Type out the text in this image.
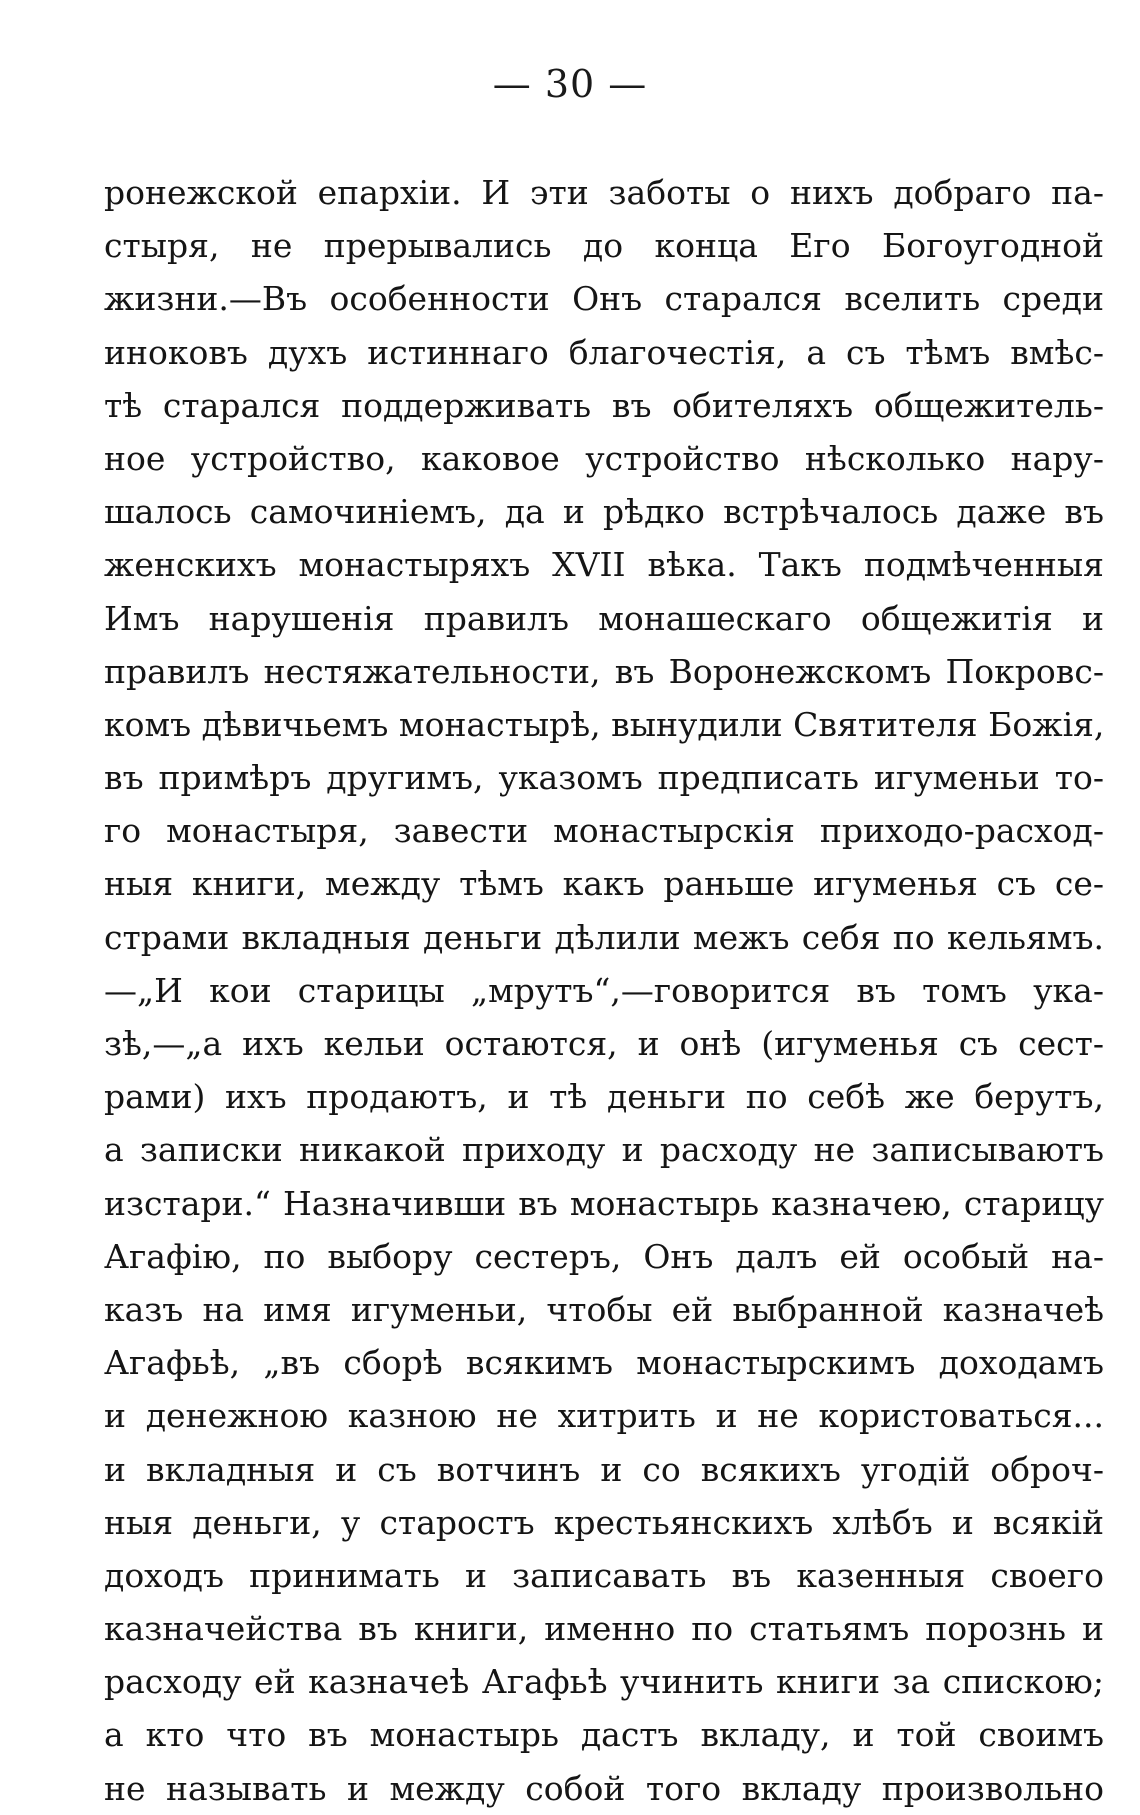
— 30 —
ронежской епархіи. И эти заботы о нихъ добраго па-
стыря, не прерывались до конца Его Богоугодной
жизни.—Въ особенности Онъ старался вселить среди
иноковъ духъ истиннаго благочестія, а съ тѣмъ вмѣс-
тѣ старался поддерживать въ обителяхъ общежитель-
ное устройство, каковое устройство нѣсколько нару-
шалось самочиніемъ, да и рѣдко встрѣчалось даже въ
женскихъ монастыряхъ XVII вѣка. Такъ подмѣченныя
Имъ нарушенія правилъ монашескаго общежитія и
правилъ нестяжательности, въ Воронежскомъ Покровс-
комъ дѣвичьемъ монастырѣ, вынудили Святителя Божія,
въ примѣръ другимъ, указомъ предписать игуменьи то-
го монастыря, завести монастырскія приходо-расход-
ныя книги, между тѣмъ какъ раньше игуменья съ се-
страми вкладныя деньги дѣлили межъ себя по кельямъ.
—„И кои старицы „мрутъ“,—говорится въ томъ ука-
зѣ,—„а ихъ кельи остаются, и онѣ (игуменья съ сест-
рами) ихъ продаютъ, и тѣ деньги по себѣ же берутъ,
а записки никакой приходу и расходу не записываютъ
изстари.“ Назначивши въ монастырь казначею, старицу
Агафію, по выбору сестеръ, Онъ далъ ей особый на-
казъ на имя игуменьи, чтобы ей выбранной казначеѣ
Агафьѣ, „въ сборѣ всякимъ монастырскимъ доходамъ
и денежною казною не хитрить и не користоваться...
и вкладныя и съ вотчинъ и со всякихъ угодій оброч-
ныя деньги, у старостъ крестьянскихъ хлѣбъ и всякій
доходъ принимать и записавать въ казенныя своего
казначейства въ книги, именно по статьямъ порознь и
расходу ей казначеѣ Агафьѣ учинить книги за спискою;
а кто что въ монастырь дастъ вкладу, и той своимъ
не называть и между собой того вкладу произвольно
